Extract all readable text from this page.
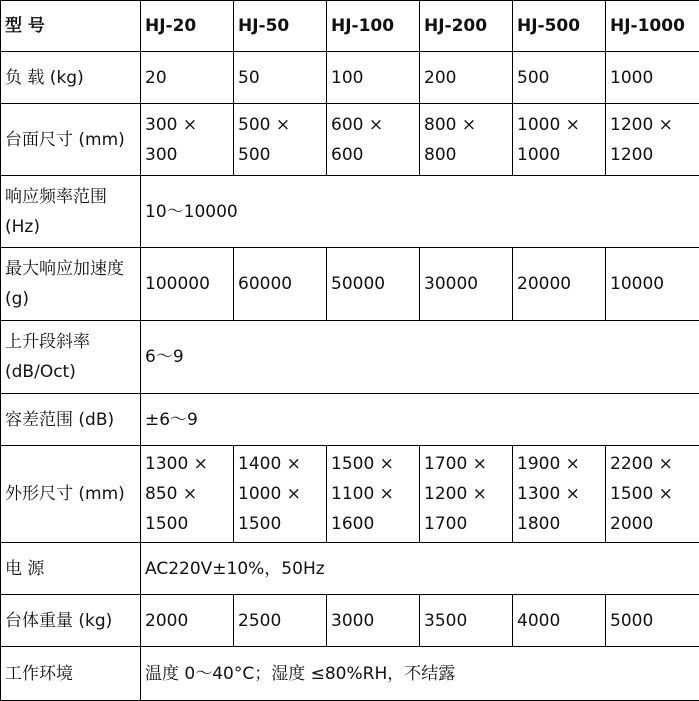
型 号	HJ-20	HJ-50	HJ-100	HJ-200	HJ-500	HJ-1000
负 载 (kg)	20	50	100	200	500	1000
台面尺寸 (mm)	300 × 300	500 × 500	600 × 600	800 × 800	1000 × 1000	1200 × 1200
响应频率范围 (Hz)	10～10000					
最大响应加速度 (g)	100000	60000	50000	30000	20000	10000
上升段斜率 (dB/Oct)	6～9					
容差范围 (dB)	±6～9					
外形尺寸 (mm)	1300 × 850 × 1500	1400 × 1000 × 1500	1500 × 1100 × 1600	1700 × 1200 × 1700	1900 × 1300 × 1800	2200 × 1500 × 2000
电 源	AC220V±10%，50Hz					
台体重量 (kg)	2000	2500	3000	3500	4000	5000
工作环境	温度 0～40°C；湿度 ≤80%RH，不结露					
